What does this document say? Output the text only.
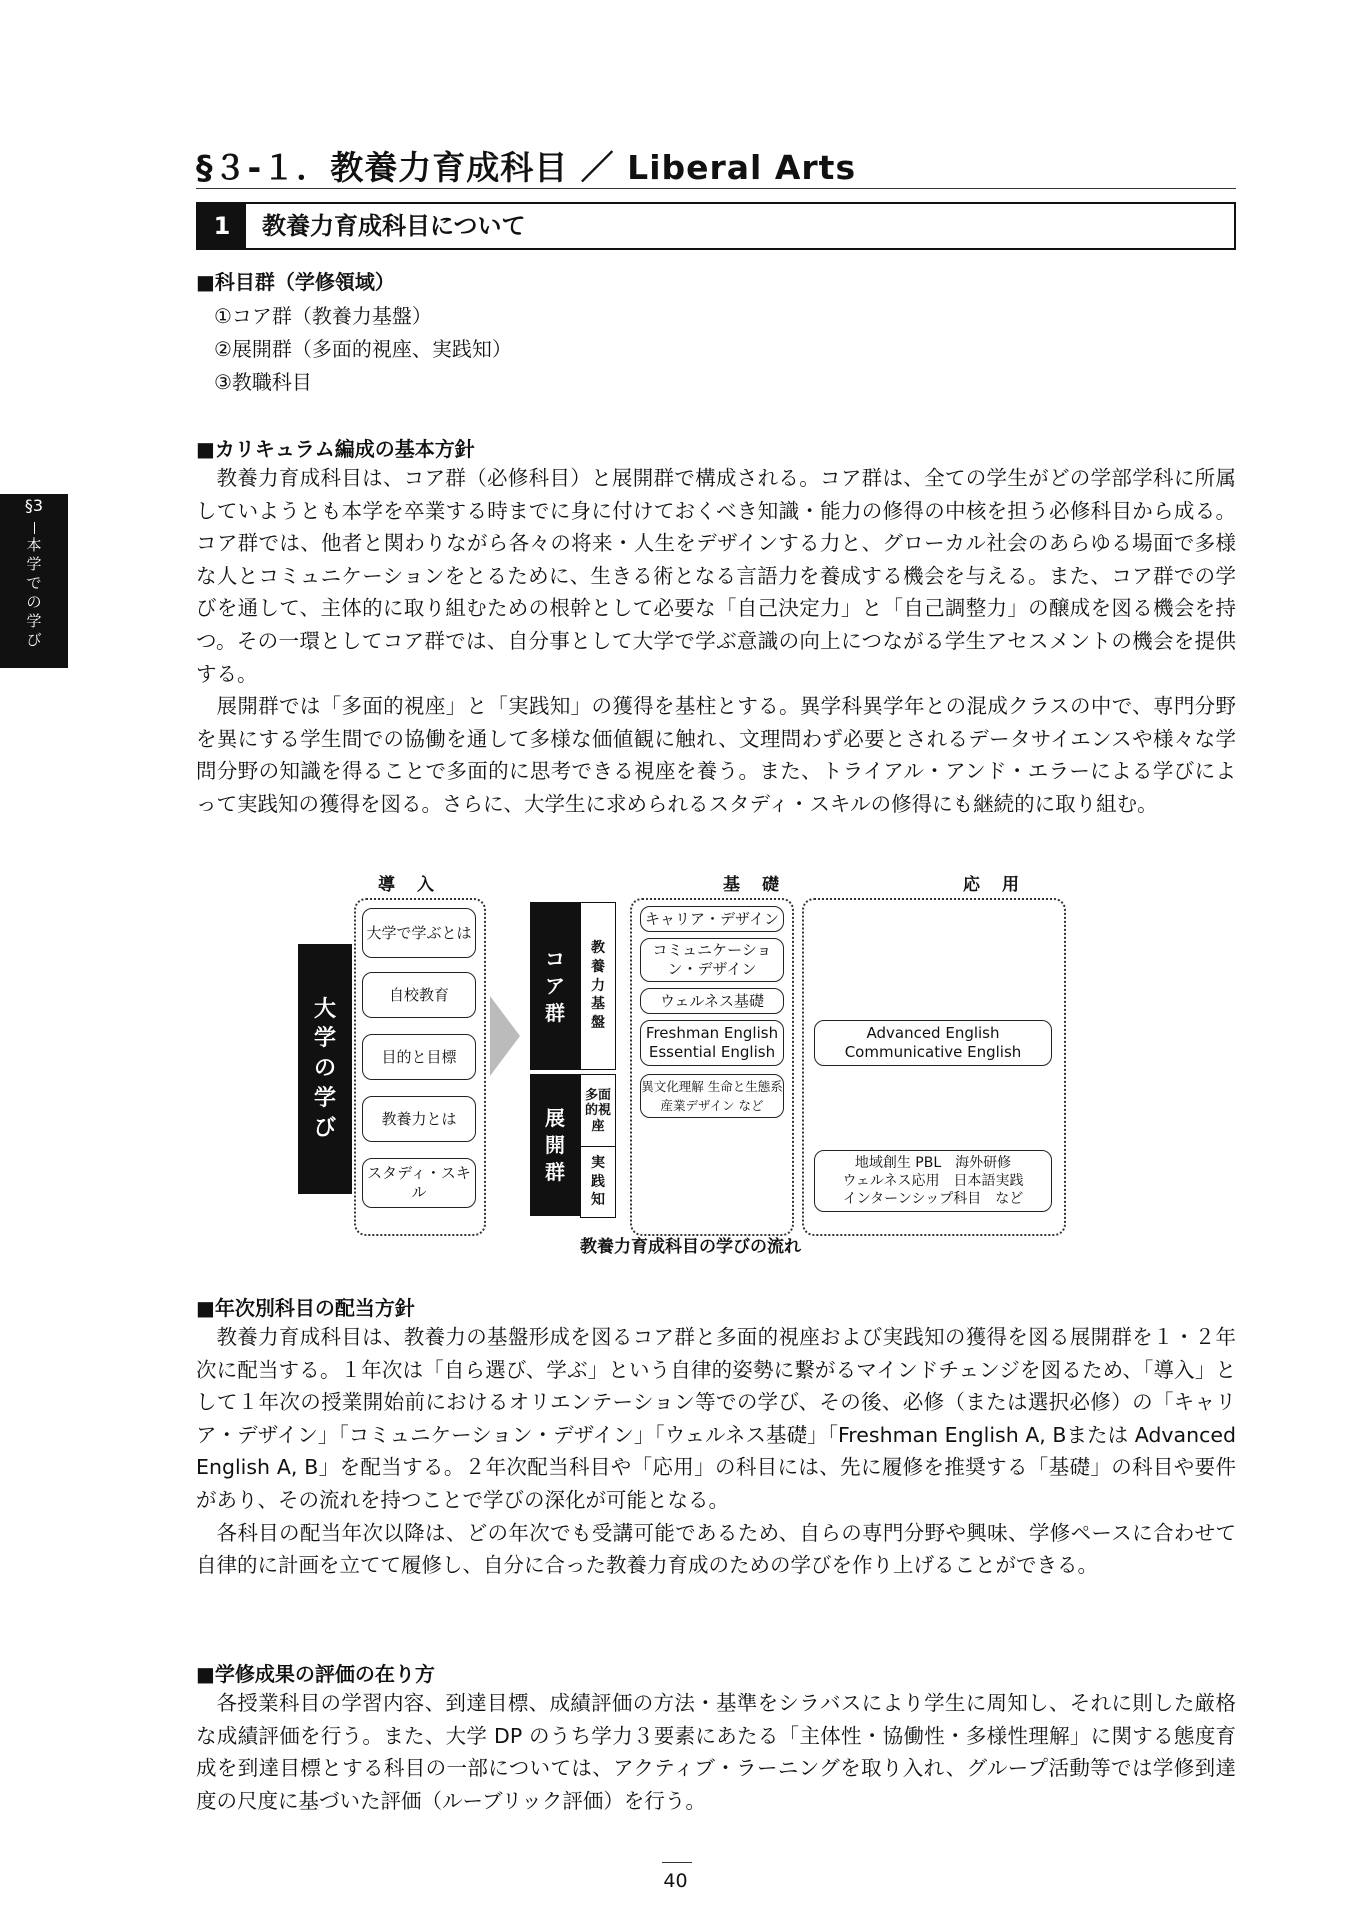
§３-１．教養力育成科目 ／ Liberal Arts
1	教養力育成科目について
§3
本学での学び
■科目群（学修領域）
①コア群（教養力基盤）
②展開群（多面的視座、実践知）
③教職科目
■カリキュラム編成の基本方針

教養力育成科目は、コア群（必修科目）と展開群で構成される。コア群は、全ての学生がどの学部学科に所属していようとも本学を卒業する時までに身に付けておくべき知識・能力の修得の中核を担う必修科目から成る。コア群では、他者と関わりながら各々の将来・人生をデザインする力と、グローカル社会のあらゆる場面で多様な人とコミュニケーションをとるために、生きる術となる言語力を養成する機会を与える。また、コア群での学びを通して、主体的に取り組むための根幹として必要な「自己決定力」と「自己調整力」の醸成を図る機会を持つ。その一環としてコア群では、自分事として大学で学ぶ意識の向上につながる学生アセスメントの機会を提供する。

展開群では「多面的視座」と「実践知」の獲得を基柱とする。異学科異学年との混成クラスの中で、専門分野を異にする学生間での協働を通して多様な価値観に触れ、文理問わず必要とされるデータサイエンスや様々な学問分野の知識を得ることで多面的に思考できる視座を養う。また、トライアル・アンド・エラーによる学びによって実践知の獲得を図る。さらに、大学生に求められるスタディ・スキルの修得にも継続的に取り組む。

導 入	基 礎	応 用
大学の学び
大学で学ぶとは
自校教育
目的と目標
教養力とは
スタディ・スキル
コア群
教養力基盤
展開群
多面的視座
実践知
キャリア・デザイン
コミュニケーション・デザイン
ウェルネス基礎
Freshman English
Essential English
異文化理解 生命と生態系
産業デザイン など
Advanced English
Communicative English
地域創生 PBL　海外研修
ウェルネス応用　日本語実践
インターンシップ科目　など
教養力育成科目の学びの流れ
■年次別科目の配当方針

教養力育成科目は、教養力の基盤形成を図るコア群と多面的視座および実践知の獲得を図る展開群を１・２年次に配当する。１年次は「自ら選び、学ぶ」という自律的姿勢に繋がるマインドチェンジを図るため、「導入」として１年次の授業開始前におけるオリエンテーション等での学び、その後、必修（または選択必修）の「キャリア・デザイン」「コミュニケーション・デザイン」「ウェルネス基礎」「Freshman English A, Bまたは Advanced English A, B」を配当する。２年次配当科目や「応用」の科目には、先に履修を推奨する「基礎」の科目や要件があり、その流れを持つことで学びの深化が可能となる。

各科目の配当年次以降は、どの年次でも受講可能であるため、自らの専門分野や興味、学修ペースに合わせて自律的に計画を立てて履修し、自分に合った教養力育成のための学びを作り上げることができる。

■学修成果の評価の在り方

各授業科目の学習内容、到達目標、成績評価の方法・基準をシラバスにより学生に周知し、それに則した厳格な成績評価を行う。また、大学 DP のうち学力３要素にあたる「主体性・協働性・多様性理解」に関する態度育成を到達目標とする科目の一部については、アクティブ・ラーニングを取り入れ、グループ活動等では学修到達度の尺度に基づいた評価（ルーブリック評価）を行う。

40
